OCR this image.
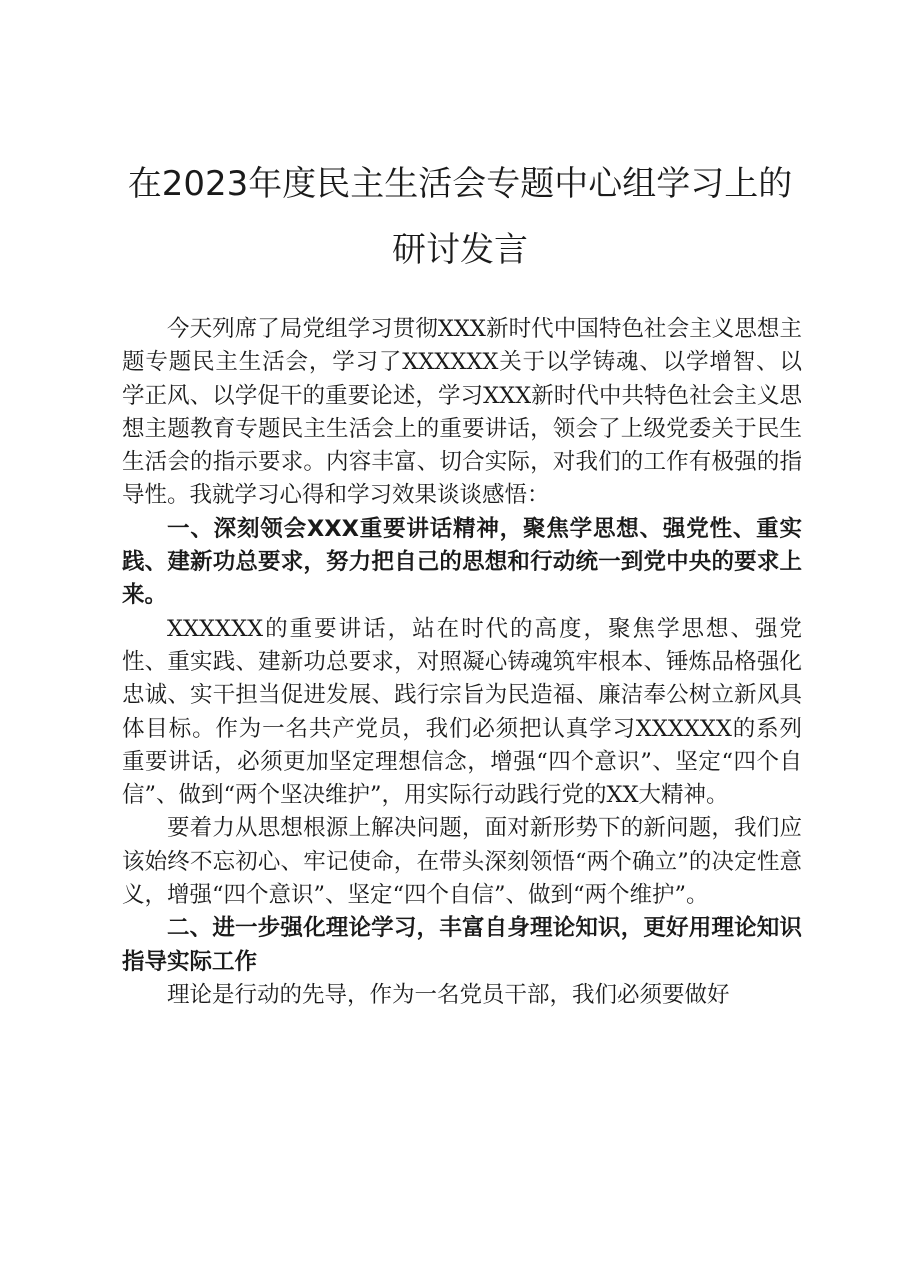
在2023年度民主生活会专题中心组学习上的
研讨发言

今天列席了局党组学习贯彻XXX新时代中国特色社会主义思想主题专题民主生活会，学习了XXXXXX关于以学铸魂、以学增智、以学正风、以学促干的重要论述，学习XXX新时代中共特色社会主义思想主题教育专题民主生活会上的重要讲话，领会了上级党委关于民生生活会的指示要求。内容丰富、切合实际，对我们的工作有极强的指导性。我就学习心得和学习效果谈谈感悟：

一、深刻领会XXX重要讲话精神，聚焦学思想、强党性、重实践、建新功总要求，努力把自己的思想和行动统一到党中央的要求上来。

XXXXXX的重要讲话，站在时代的高度，聚焦学思想、强党性、重实践、建新功总要求，对照凝心铸魂筑牢根本、锤炼品格强化忠诚、实干担当促进发展、践行宗旨为民造福、廉洁奉公树立新风具体目标。作为一名共产党员，我们必须把认真学习XXXXXX的系列重要讲话，必须更加坚定理想信念，增强“四个意识”、坚定“四个自信”、做到“两个坚决维护”，用实际行动践行党的XX大精神。

要着力从思想根源上解决问题，面对新形势下的新问题，我们应该始终不忘初心、牢记使命，在带头深刻领悟“两个确立”的决定性意义，增强“四个意识”、坚定“四个自信”、做到“两个维护”。

二、进一步强化理论学习，丰富自身理论知识，更好用理论知识指导实际工作

理论是行动的先导，作为一名党员干部，我们必须要做好
